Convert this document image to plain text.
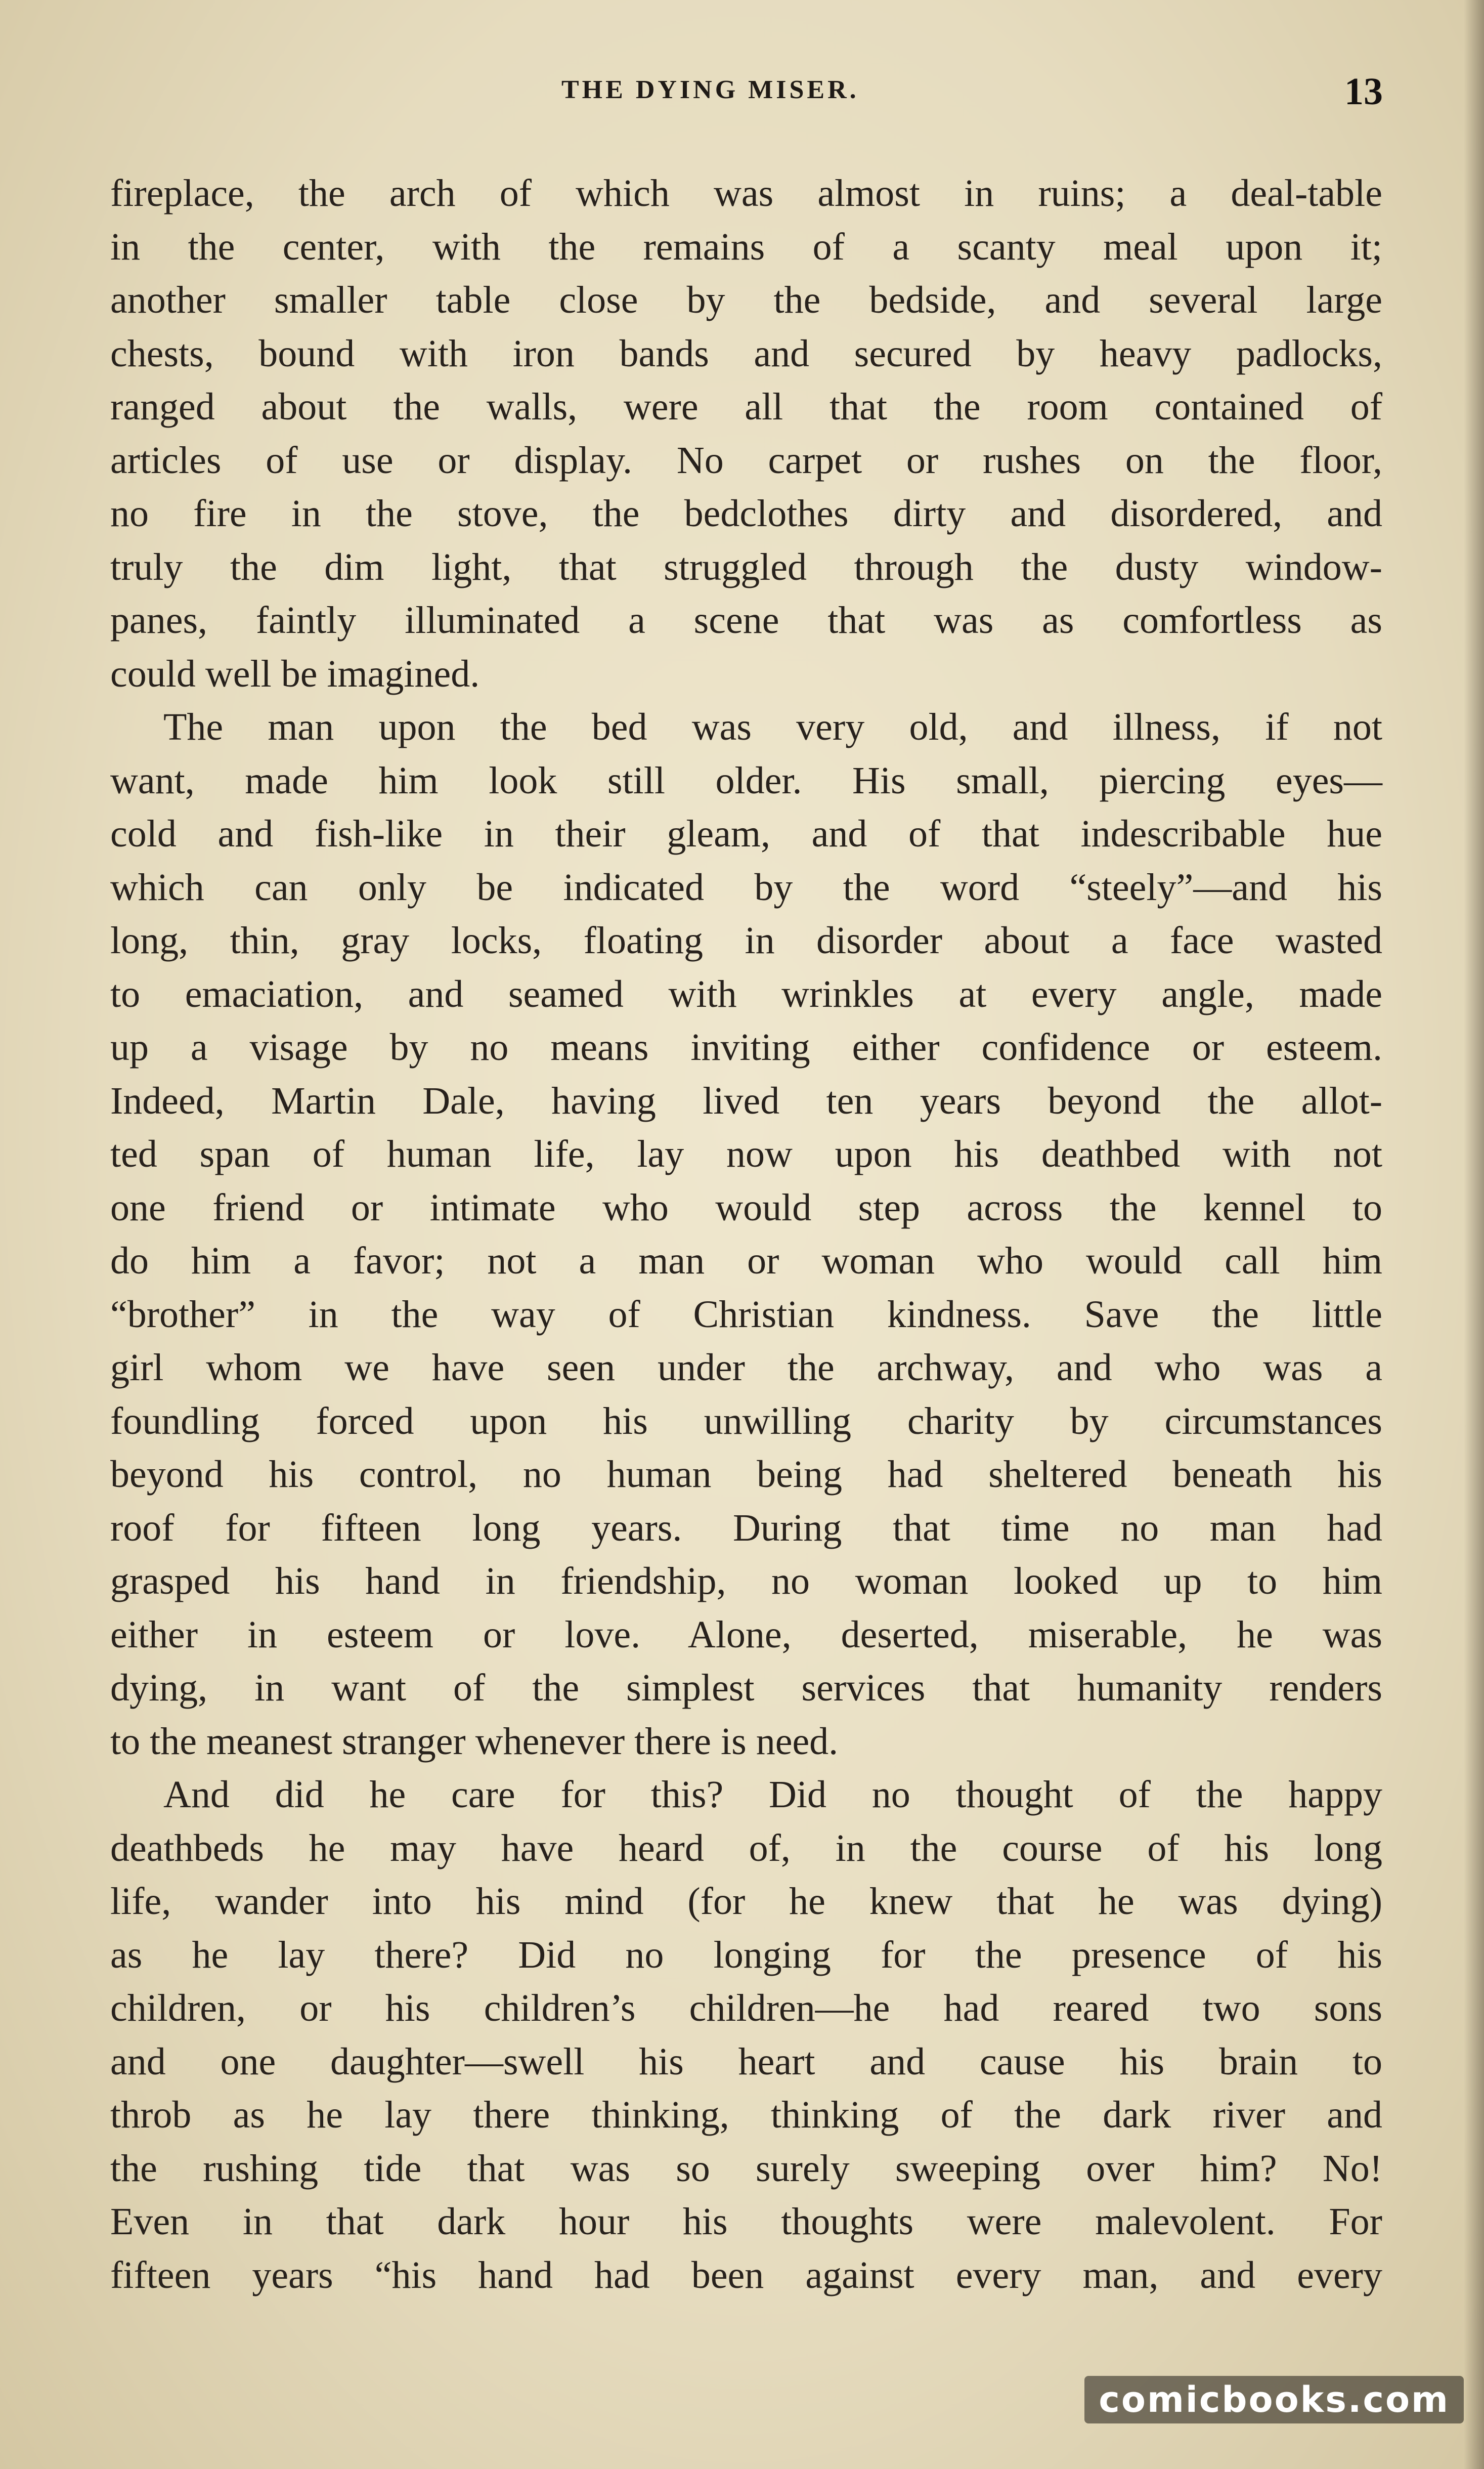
THE DYING MISER.	13
fireplace, the arch of which was almost in ruins; a deal-table
in the center, with the remains of a scanty meal upon it;
another smaller table close by the bedside, and several large
chests, bound with iron bands and secured by heavy padlocks,
ranged about the walls, were all that the room contained of
articles of use or display. No carpet or rushes on the floor,
no fire in the stove, the bedclothes dirty and disordered, and
truly the dim light, that struggled through the dusty window-
panes, faintly illuminated a scene that was as comfortless as
could well be imagined.
The man upon the bed was very old, and illness, if not
want, made him look still older. His small, piercing eyes—
cold and fish-like in their gleam, and of that indescribable hue
which can only be indicated by the word “steely”—and his
long, thin, gray locks, floating in disorder about a face wasted
to emaciation, and seamed with wrinkles at every angle, made
up a visage by no means inviting either confidence or esteem.
Indeed, Martin Dale, having lived ten years beyond the allot-
ted span of human life, lay now upon his deathbed with not
one friend or intimate who would step across the kennel to
do him a favor; not a man or woman who would call him
“brother” in the way of Christian kindness. Save the little
girl whom we have seen under the archway, and who was a
foundling forced upon his unwilling charity by circumstances
beyond his control, no human being had sheltered beneath his
roof for fifteen long years. During that time no man had
grasped his hand in friendship, no woman looked up to him
either in esteem or love. Alone, deserted, miserable, he was
dying, in want of the simplest services that humanity renders
to the meanest stranger whenever there is need.
And did he care for this? Did no thought of the happy
deathbeds he may have heard of, in the course of his long
life, wander into his mind (for he knew that he was dying)
as he lay there? Did no longing for the presence of his
children, or his children’s children—he had reared two sons
and one daughter—swell his heart and cause his brain to
throb as he lay there thinking, thinking of the dark river and
the rushing tide that was so surely sweeping over him? No!
Even in that dark hour his thoughts were malevolent. For
fifteen years “his hand had been against every man, and every
comicbooks.com
